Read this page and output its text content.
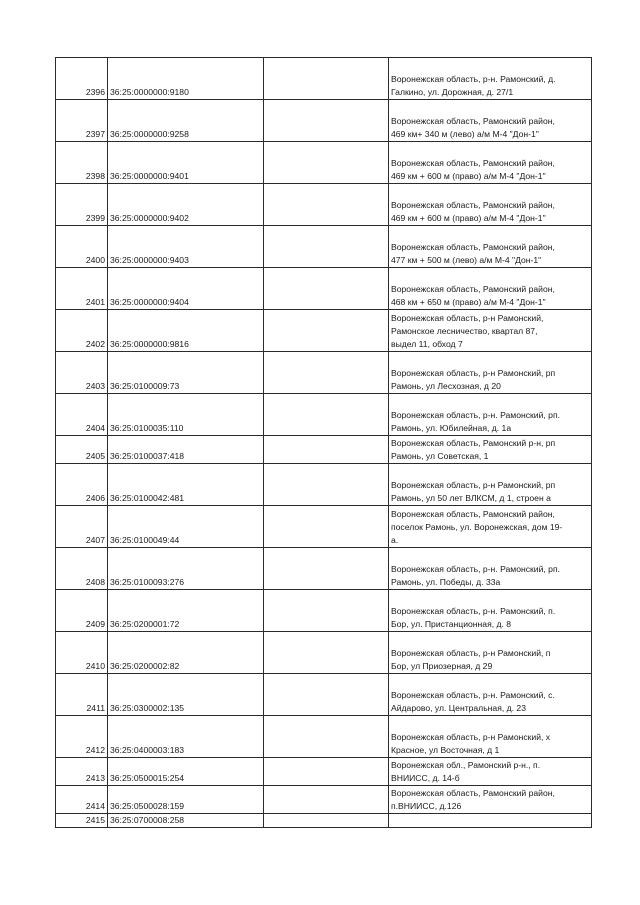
2396	36:25:0000000:9180		Воронежская область, р-н. Рамонский, д.
Галкино, ул. Дорожная, д. 27/1

2397	36:25:0000000:9258		Воронежская область, Рамонский район,
469 км+ 340 м (лево) а/м М-4 "Дон-1"

2398	36:25:0000000:9401		Воронежская область, Рамонский район,
469 км + 600 м (право) а/м М-4 "Дон-1"

2399	36:25:0000000:9402		Воронежская область, Рамонский район,
469 км + 600 м (право) а/м М-4 "Дон-1"

2400	36:25:0000000:9403		Воронежская область, Рамонский район,
477 км + 500 м (лево) а/м М-4 "Дон-1"

2401	36:25:0000000:9404		Воронежская область, Рамонский район,
468 км + 650 м (право) а/м М-4 "Дон-1"

2402	36:25:0000000:9816		Воронежская область, р-н Рамонский,
Рамонское лесничество, квартал 87,
выдел 11, обход 7

2403	36:25:0100009:73		Воронежская область, р-н Рамонский, рп
Рамонь, ул Лесхозная, д 20

2404	36:25:0100035:110		Воронежская область, р-н. Рамонский, рп.
Рамонь, ул. Юбилейная, д. 1а

2405	36:25:0100037:418		Воронежская область, Рамонский р-н, рп
Рамонь, ул Советская, 1

2406	36:25:0100042:481		Воронежская область, р-н Рамонский, рп
Рамонь, ул 50 лет ВЛКСМ, д 1, строен а

2407	36:25:0100049:44		Воронежская область, Рамонский район,
поселок Рамонь, ул. Воронежская, дом 19-
а.

2408	36:25:0100093:276		Воронежская область, р-н. Рамонский, рп.
Рамонь, ул. Победы, д. 33а

2409	36:25:0200001:72		Воронежская область, р-н. Рамонский, п.
Бор, ул. Пристанционная, д. 8

2410	36:25:0200002:82		Воронежская область, р-н Рамонский, п
Бор, ул Приозерная, д 29

2411	36:25:0300002:135		Воронежская область, р-н. Рамонский, с.
Айдарово, ул. Центральная, д. 23

2412	36:25:0400003:183		Воронежская область, р-н Рамонский, х
Красное, ул Восточная, д 1

2413	36:25:0500015:254		Воронежская обл., Рамонский р-н., п.
ВНИИСС, д. 14-б

2414	36:25:0500028:159		Воронежская область, Рамонский район,
п.ВНИИСС, д.126

2415	36:25:0700008:258		
